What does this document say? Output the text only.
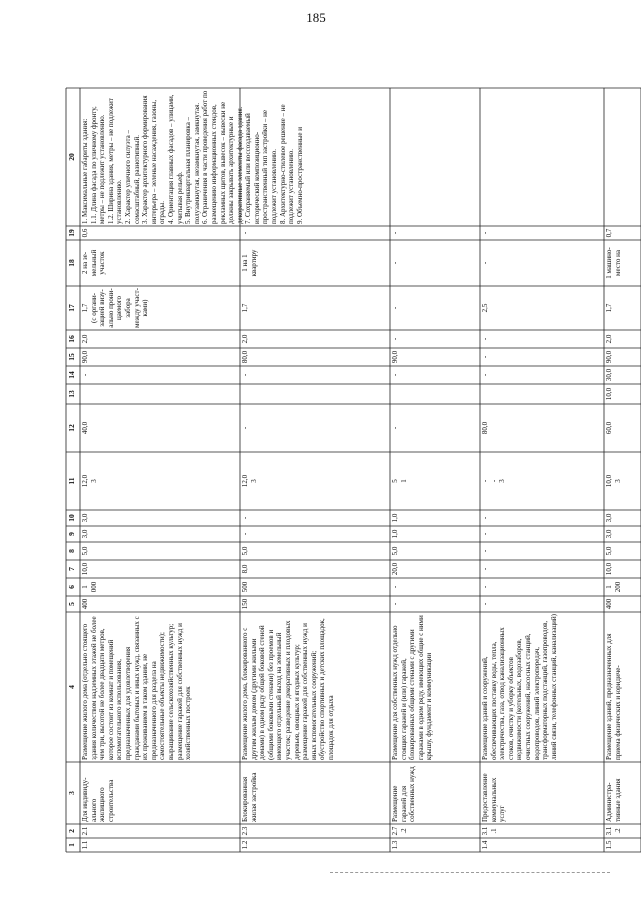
185
1
2
3
4
5
6
7
8
9
10
11
12
13
14
15
16
17
18
19
20
1.1
2.1
Для индивиду-ального жилищного строительства
Размещение жилого дома (отдельно стоящего здания количеством надземных этажей не более чем три, высотой не более двадцати метров, которое состоит из комнат и помещений вспомогательного использования, предназначенных для удовлетворения гражданами бытовых и иных нужд, связанных с их проживанием в таком здании, не предназначенного для раздела на самостоятельные объекты недвижимости); выращивание сельскохозяйственных культур; размещение гаражей для собственных нужд и хозяйственных построек
400
1 000
10,0
5,0
3,0
3,0
12,0
3
40,0
-
90,0
2,0
1,7
(с органи-зацией визу-ально прони-цаемого забора между участ-ками)
2 на зе-мельный участок
0,6
1. Максимальные габариты здания:
1.1. Длина фасада по уличному фронту, метры – не подлежит установлению.
1.2. Ширина здания, метры – не подлежит установлению.
2. Характер уличного силуэта – сомасштабный, разнотипный.
3. Характер архитектурного формирования интерьера – зеленые насаждения, газоны, ограды.
4. Ориентация главных фасадов – улицами, учитывая рельеф.
5. Внутриквартальная планировка – полузамкнутая, незамкнутая, замкнутая.
6. Ограничения в части проведения работ по размещению информационных стендов, рекламных щитов, вывесок – вывески не должны закрывать архитектурные и декоративные элементы фасада здания.
7. Сохраняемый или воссоздаваемый исторический композиционно-пространственный тип застройки – не подлежит установлению.
8. Архитектурно-стилевое решение – не подлежит установлению.
9. Объемно-пространственные и
1.2
2.3
Блокированная жилая застройка
Размещение жилого дома, блокированного с другим жилым домом (другими жилыми домами) в одном ряду общей боковой стеной (общими боковыми стенами) без проемов и имеющего отдельный выход на земельный участок; разведение декоративных и плодовых деревьев, овощных и ягодных культур; размещение гаражей для собственных нужд и иных вспомогательных сооружений; обустройство спортивных и детских площадок, площадок для отдыха
150
500
8,0
5,0
-
-
12,0
3
-
-
80,0
2,0
1,7
1 на 1 квартиру
-
1.3
2.7.2
Размещение гаражей для собственных нужд
Размещение для собственных нужд отдельно стоящих гаражей и (или) гаражей, блокированных общими стенами с другими гаражами в одном ряду, имеющих общие с ними крышу, фундамент и коммуникации
-
-
20,0
5,0
1,0
1,0
5
1
-
-
90,0
-
-
-
-
1.4
3.1.1
Предоставление коммунальных услуг
Размещение зданий и сооружений, обеспечивающих поставку воды, тепла, электричества, газа, отвод канализационных стоков, очистку и уборку объектов недвижимости (котельных, водозаборов, очистных сооружений, насосных станций, водопроводов, линий электропередач, трансформаторных подстанций, газопроводов, линий связи, телефонных станций, канализаций)
-
-
-
-
-
-
-
-
3
80,0
-
-
-
2,5
-
-
1.5
3.1.2
Администра-тивные здания
Размещение зданий, предназначенных для приема физических и юридиче-
400
1 200
10,0
5,0
3,0
3,0
10,0
3
60,0
10,0
30,0
90,0
2,0
1,7
1 машино-место на
0,7
